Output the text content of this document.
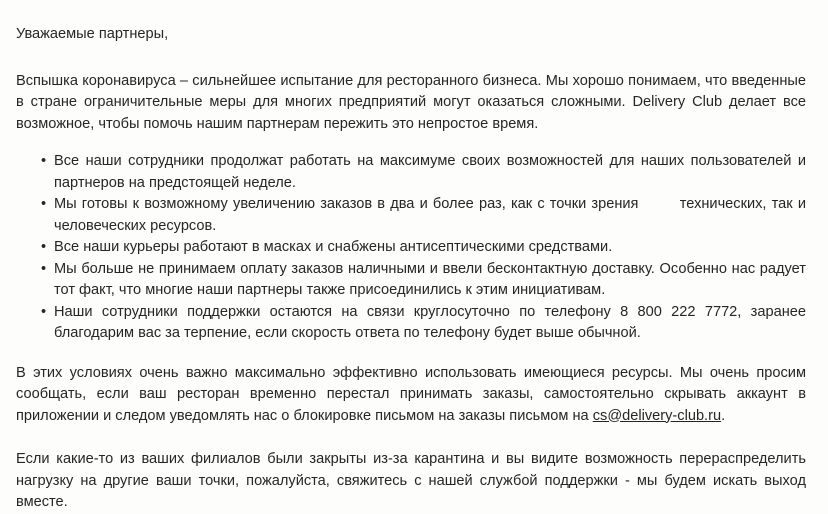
Уважаемые партнеры,
Вспышка коронавируса – сильнейшее испытание для ресторанного бизнеса. Мы хорошо понимаем, что введенные
в стране ограничительные меры для многих предприятий могут оказаться сложными. Delivery Club делает все
возможное, чтобы помочь нашим партнерам пережить это непростое время.
• Все наши сотрудники продолжат работать на максимуме своих возможностей для наших пользователей и
партнеров на предстоящей неделе.
• Мы готовы к возможному увеличению заказов в два и более раз, как с точки зрения        технических, так и
человеческих ресурсов.
• Все наши курьеры работают в масках и снабжены антисептическими средствами.
• Мы больше не принимаем оплату заказов наличными и ввели бесконтактную доставку. Особенно нас радует
тот факт, что многие наши партнеры также присоединились к этим инициативам.
• Наши сотрудники поддержки остаются на связи круглосуточно по телефону 8 800 222 7772, заранее
благодарим вас за терпение, если скорость ответа по телефону будет выше обычной.
В этих условиях очень важно максимально эффективно использовать имеющиеся ресурсы. Мы очень просим
сообщать, если ваш ресторан временно перестал принимать заказы, самостоятельно скрывать аккаунт в
приложении и следом уведомлять нас о блокировке письмом на заказы письмом на cs@delivery-club.ru.
Если какие-то из ваших филиалов были закрыты из-за карантина и вы видите возможность перераспределить
нагрузку на другие ваши точки, пожалуйста, свяжитесь с нашей службой поддержки - мы будем искать выход
вместе.
